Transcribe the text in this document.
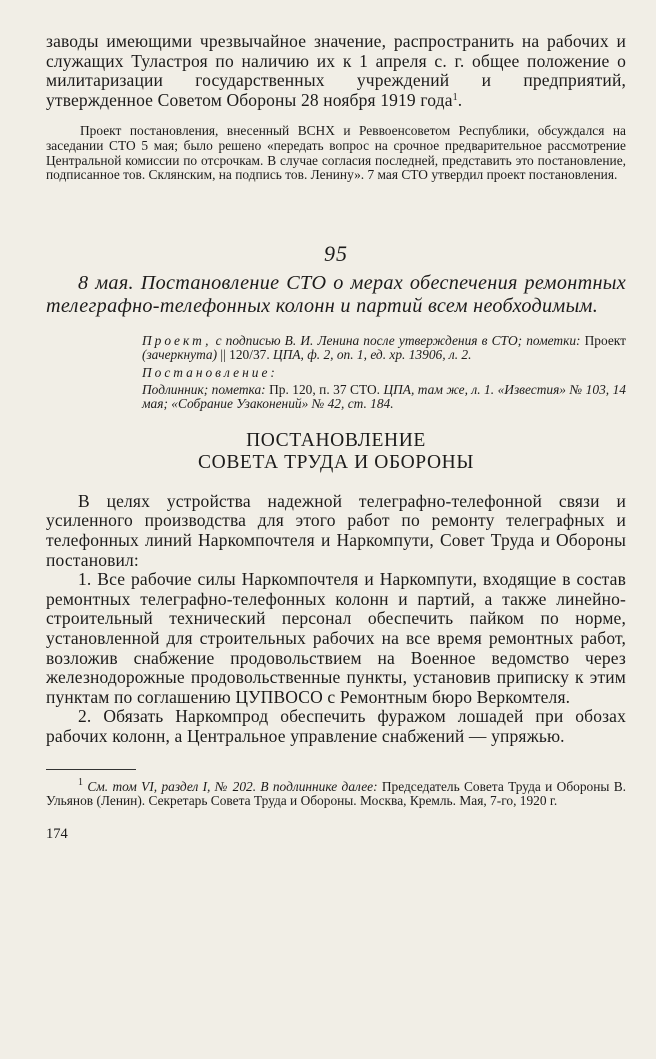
заводы имеющими чрезвычайное значение, распространить на рабочих и служащих Туластроя по наличию их к 1 апреля с. г. общее положение о милитаризации государственных учреждений и предприятий, утвержденное Советом Обороны 28 ноября 1919 года$^1$.

Проект постановления, внесенный ВСНХ и Реввоенсоветом Республики, обсуждался на заседании СТО 5 мая; было решено «передать вопрос на срочное предварительное рассмотрение Центральной комиссии по отсрочкам. В случае согласия последней, представить это постановление, подписанное тов. Склянским, на подпись тов. Ленину». 7 мая СТО утвердил проект постановления.

95

8 мая. Постановление СТО о мерах обеспечения ремонтных телеграфно-телефонных колонн и партий всем необходимым.

Проект, с подписью В. И. Ленина после утверждения в СТО; пометки: Проект (зачеркнута) || 120/37. ЦПА, ф. 2, оп. 1, ед. хр. 13906, л. 2.

Постановление:

Подлинник; пометка: Пр. 120, п. 37 СТО. ЦПА, там же, л. 1. «Известия» № 103, 14 мая; «Собрание Узаконений» № 42, ст. 184.

ПОСТАНОВЛЕНИЕ
СОВЕТА ТРУДА И ОБОРОНЫ

В целях устройства надежной телеграфно-телефонной связи и усиленного производства для этого работ по ремонту телеграфных и телефонных линий Наркомпочтеля и Наркомпути, Совет Труда и Обороны постановил:

1. Все рабочие силы Наркомпочтеля и Наркомпути, входящие в состав ремонтных телеграфно-телефонных колонн и партий, а также линейно-строительный технический персонал обеспечить пайком по норме, установленной для строительных рабочих на все время ремонтных работ, возложив снабжение продовольствием на Военное ведомство через железнодорожные продовольственные пункты, установив приписку к этим пунктам по соглашению ЦУПВОСО с Ремонтным бюро Веркомтеля.

2. Обязать Наркомпрод обеспечить фуражом лошадей при обозах рабочих колонн, а Центральное управление снабжений — упряжью.

$^1$ См. том VI, раздел I, № 202. В подлиннике далее: Председатель Совета Труда и Обороны В. Ульянов (Ленин). Секретарь Совета Труда и Обороны. Москва, Кремль. Мая, 7-го, 1920 г.

174
